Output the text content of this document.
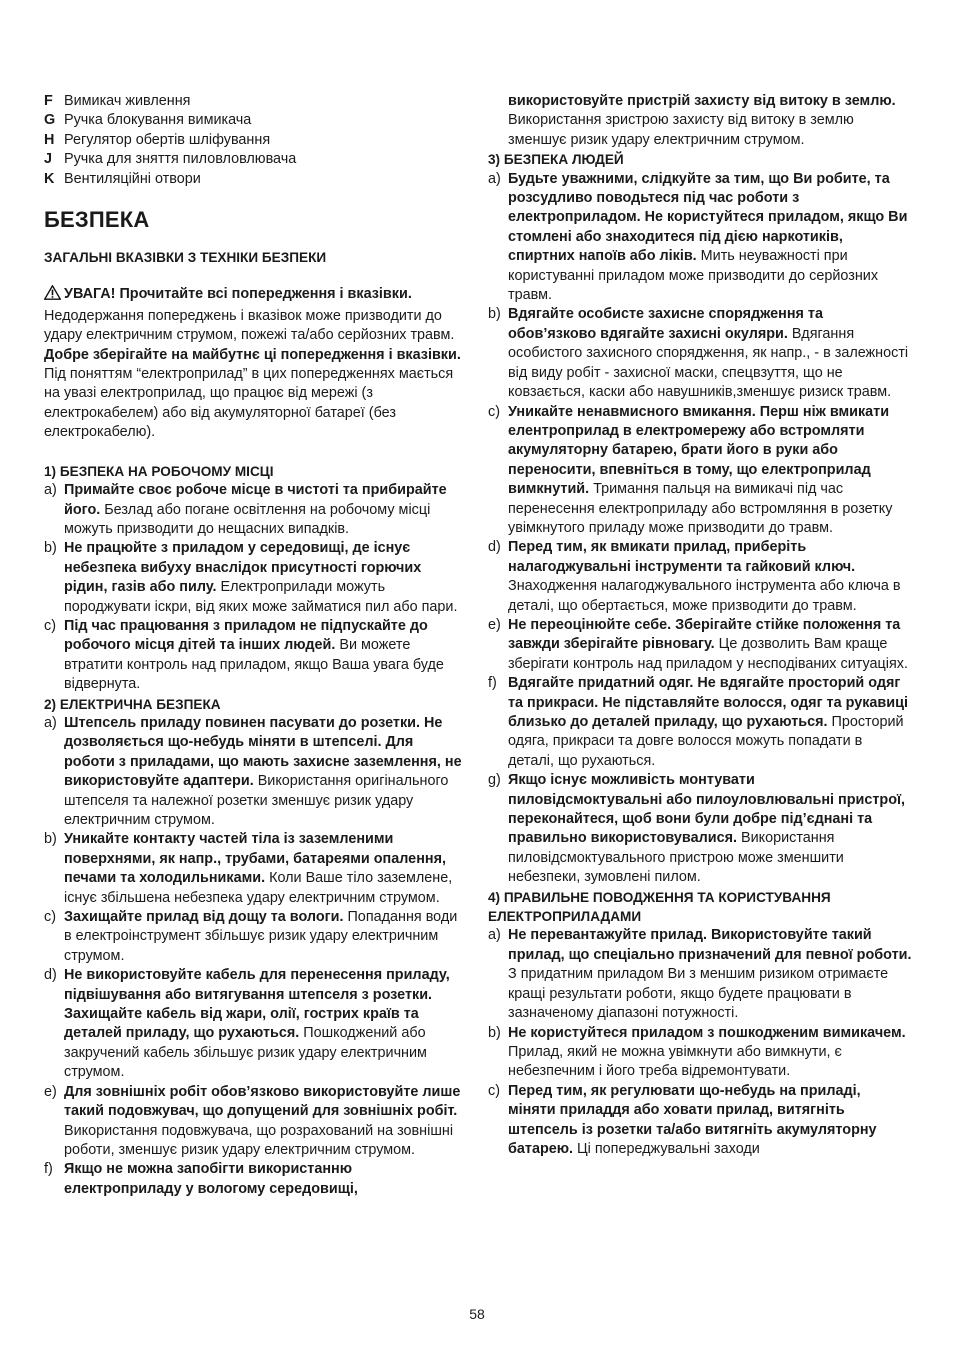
F Вимикач живлення
G Ручка блокування вимикача
H Регулятор обертів шліфування
J Ручка для зняття пиловловлювача
K Вентиляційні отвори
БЕЗПЕКА
ЗАГАЛЬНІ ВКАЗІВКИ З ТЕХНІКИ БЕЗПЕКИ
УВАГА! Прочитайте всі попередження і вказівки. Недодержання попереджень і вказівок може призводити до удару електричним струмом, пожежі та/або серйозних травм. Добре зберігайте на майбутнє ці попередження і вказівки. Під поняттям “електроприлад” в цих попередженнях мається на увазі електроприлад, що працює від мережі (з електрокабелем) або від акумуляторної батареї (без електрокабелю).
1) БЕЗПЕКА НА РОБОЧОМУ МІСЦІ
a) Примайте своє робоче місце в чистоті та прибирайте його. Безлад або погане освітлення на робочому місці можуть призводити до нещасних випадків.
b) Не працюйте з приладом у середовищі, де існує небезпека вибуху внаслідок присутності горючих рідин, газів або пилу. Електроприлади можуть породжувати іскри, від яких може займатися пил або пари.
c) Під час працювання з приладом не підпускайте до робочого місця дітей та інших людей. Ви можете втратити контроль над приладом, якщо Ваша увага буде відвернута.
2) ЕЛЕКТРИЧНА БЕЗПЕКА
a) Штепсель приладу повинен пасувати до розетки. Не дозволяється що-небудь міняти в штепселі. Для роботи з приладами, що мають захисне заземлення, не використовуйте адаптери. Використання оригінального штепселя та належної розетки зменшує ризик удару електричним струмом.
b) Уникайте контакту частей тіла із заземленими поверхнями, як напр., трубами, батареями опалення, печами та холодильниками. Коли Ваше тіло заземлене, існує збільшена небезпека удару електричним струмом.
c) Захищайте прилад від дощу та вологи. Попадання води в електроінструмент збільшує ризик удару електричним струмом.
d) Не використовуйте кабель для перенесення приладу, підвішування або витягування штепселя з розетки. Захищайте кабель від жари, олії, гострих країв та деталей приладу, що рухаються. Пошкоджений або закручений кабель збільшує ризик удару електричним струмом.
e) Для зовнішніх робіт обов’язково використовуйте лише такий подовжувач, що допущений для зовнішніх робіт. Використання подовжувача, що розрахований на зовнішні роботи, зменшує ризик удару електричним струмом.
f) Якщо не можна запобігти використанню електроприладу у вологому середовищі,
використовуйте пристрій захисту від витоку в землю. Використання зристрою захисту від витоку в землю зменшує ризик удару електричним струмом.
3) БЕЗПЕКА ЛЮДЕЙ
a) Будьте уважними, слідкуйте за тим, що Ви робите, та розсудливо поводьтеся під час роботи з електроприладом. Не користуйтеся приладом, якщо Ви стомлені або знаходитеся під дією наркотиків, спиртних напоїв або ліків. Мить неуважності при користуванні приладом може призводити до серйозних травм.
b) Вдягайте особисте захисне спорядження та обов’язково вдягайте захисні окуляри. Вдягання особистого захисного спорядження, як напр., - в залежності від виду робіт - захисної маски, спецвзуття, що не ковзається, каски або навушників,зменшує ризиск травм.
c) Уникайте ненавмисного вмикання. Перш ніж вмикати елентроприлад в електромережу або встромляти акумуляторну батарею, брати його в руки або переносити, впевніться в тому, що електроприлад вимкнутий. Тримання пальця на вимикачі під час перенесення електроприладу або встромляння в розетку увімкнутого приладу може призводити до травм.
d) Перед тим, як вмикати прилад, приберіть налагоджувальні інструменти та гайковий ключ. Знаходження налагоджувального інструмента або ключа в деталі, що обертається, може призводити до травм.
e) Не переоцінюйте себе. Зберігайте стійке положення та завжди зберігайте рівновагу. Це дозволить Вам краще зберігати контроль над приладом у несподіваних ситуаціях.
f) Вдягайте придатний одяг. Не вдягайте просторий одяг та прикраси. Не підставляйте волосся, одяг та рукавиці близько до деталей приладу, що рухаються. Просторий одяга, прикраси та довге волосся можуть попадати в деталі, що рухаються.
g) Якщо існує можливість монтувати пиловідсмоктувальні або пилоуловлювальні пристрої, переконайтеся, щоб вони були добре під’єднані та правильно використовувалися. Використання пиловідсмоктувального пристрою може зменшити небезпеки, зумовлені пилом.
4) ПРАВИЛЬНЕ ПОВОДЖЕННЯ ТА КОРИСТУВАННЯ ЕЛЕКТРОПРИЛАДАМИ
a) Не перевантажуйте прилад. Використовуйте такий прилад, що спеціально призначений для певної роботи. З придатним приладом Ви з меншим ризиком отримаєте кращі результати роботи, якщо будете працювати в зазначеному діапазоні потужності.
b) Не користуйтеся приладом з пошкодженим вимикачем. Прилад, який не можна увімкнути або вимкнути, є небезпечним і його треба відремонтувати.
c) Перед тим, як регулювати що-небудь на приладі, міняти приладдя або ховати прилад, витягніть штепсель із розетки та/або витягніть акумуляторну батарею. Ці попереджувальні заходи
58
